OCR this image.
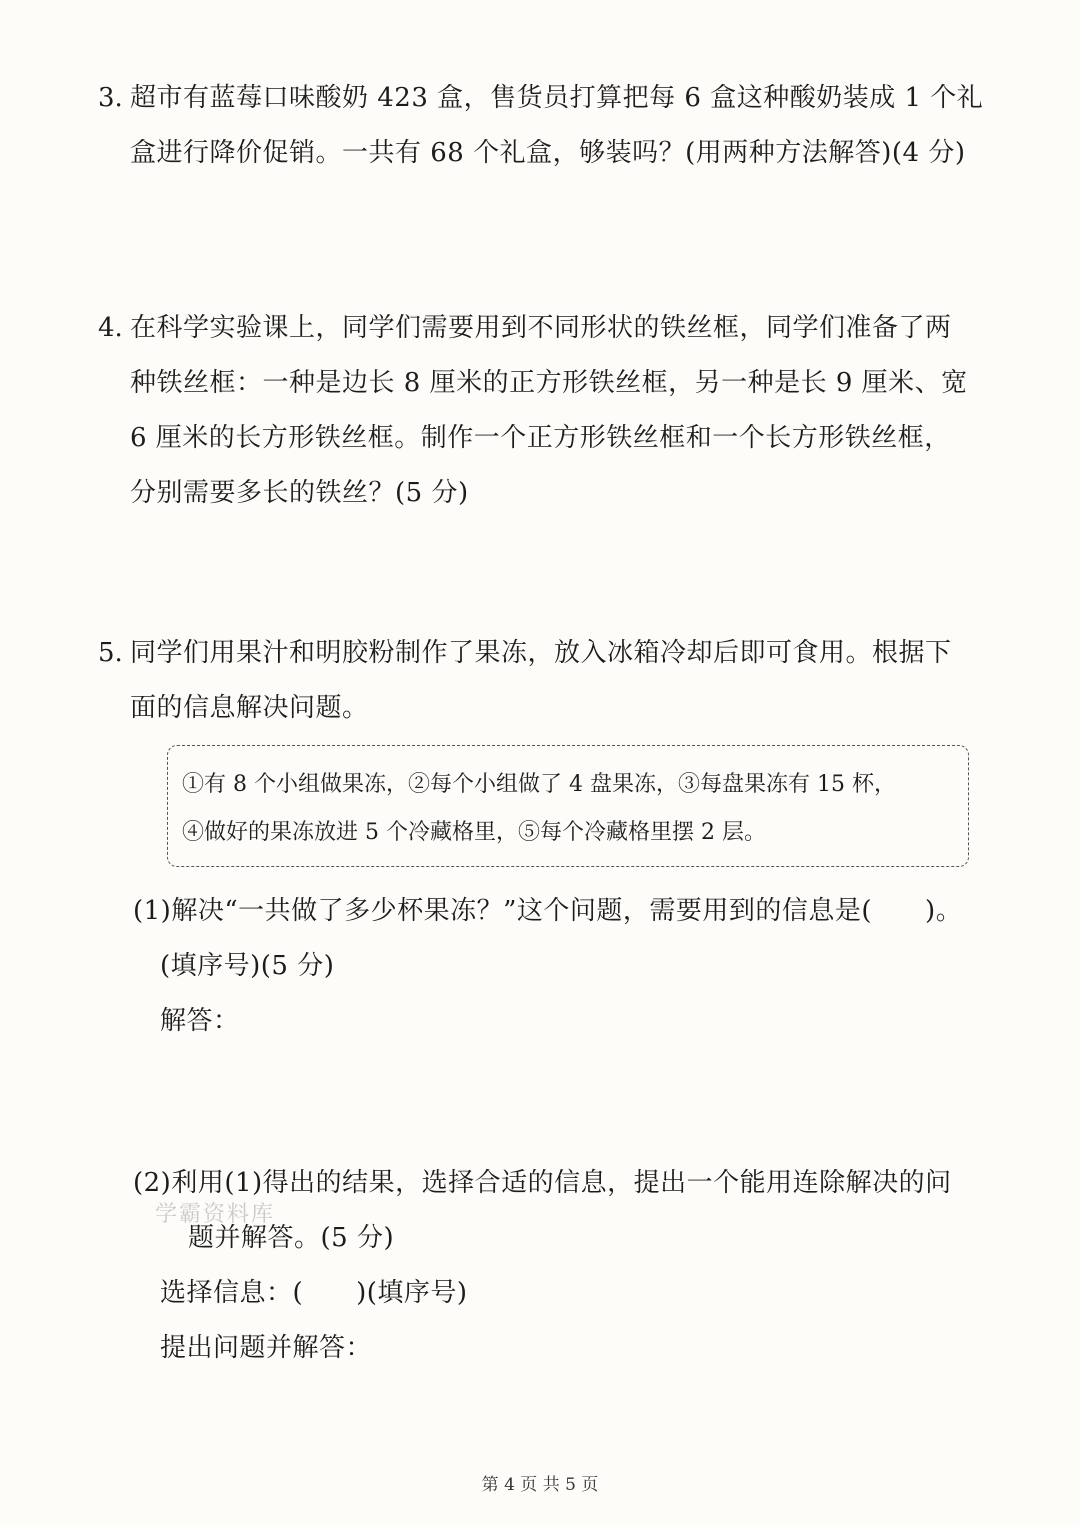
3. 超市有蓝莓口味酸奶 423 盒，售货员打算把每 6 盒这种酸奶装成 1 个礼
盒进行降价促销。一共有 68 个礼盒，够装吗？(用两种方法解答)(4 分)
4. 在科学实验课上，同学们需要用到不同形状的铁丝框，同学们准备了两
种铁丝框：一种是边长 8 厘米的正方形铁丝框，另一种是长 9 厘米、宽
6 厘米的长方形铁丝框。制作一个正方形铁丝框和一个长方形铁丝框，
分别需要多长的铁丝？(5 分)
5. 同学们用果汁和明胶粉制作了果冻，放入冰箱冷却后即可食用。根据下
面的信息解决问题。
①有 8 个小组做果冻，②每个小组做了 4 盘果冻，③每盘果冻有 15 杯，
④做好的果冻放进 5 个冷藏格里，⑤每个冷藏格里摆 2 层。
(1)解决“一共做了多少杯果冻？”这个问题，需要用到的信息是(　　)。
(填序号)(5 分)
解答：
(2)利用(1)得出的结果，选择合适的信息，提出一个能用连除解决的问
题并解答。(5 分)
选择信息：(　　)(填序号)
提出问题并解答：
学霸资料库
第 4 页 共 5 页
